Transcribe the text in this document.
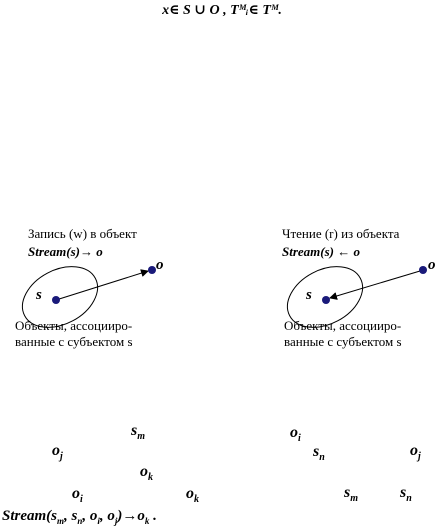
x∈ S ∪ O , Tᴹᵢ∈ Tᴹ.
Запись (w) в объект
Stream(s)→ o
s
o
Объекты, ассоцииро-
ванные с субъектом s
Чтение (r) из объекта
Stream(s) ← o
s
o
Объекты, ассоцииро-
ванные с субъектом s
$s_m$
$o_j$
$o_k$
$o_i$	$o_k$
$o_i$
$s_n$	$o_j$
$s_m$	$s_n$
$Stream(s_m$, $s_n$, $o_i$, $o_j)\to o_k$ .
